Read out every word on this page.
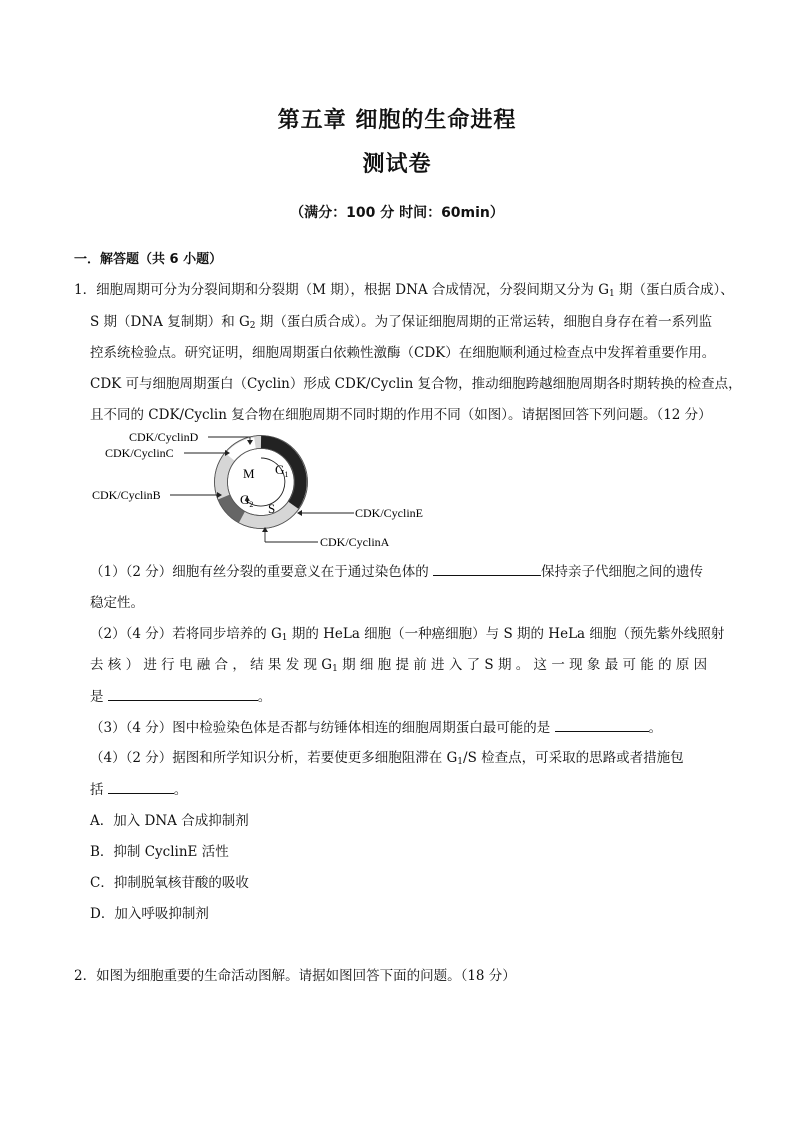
第五章 细胞的生命进程
测试卷
（满分：100 分 时间：60min）
一．解答题（共 6 小题）
1．细胞周期可分为分裂间期和分裂期（M 期），根据 DNA 合成情况，分裂间期又分为 $G_1$ 期（蛋白质合成）、
S 期（DNA 复制期）和 $G_2$ 期（蛋白质合成）。为了保证细胞周期的正常运转，细胞自身存在着一系列监
控系统检验点。研究证明，细胞周期蛋白依赖性激酶（CDK）在细胞顺利通过检查点中发挥着重要作用。
CDK 可与细胞周期蛋白（Cyclin）形成 CDK/Cyclin 复合物，推动细胞跨越细胞周期各时期转换的检查点，
且不同的 CDK/Cyclin 复合物在细胞周期不同时期的作用不同（如图）。请据图回答下列问题。（12 分）
M $G_1$
$G_2$ S
CDK/CyclinD
CDK/CyclinC
CDK/CyclinB
CDK/CyclinE
CDK/CyclinA
（1）（2 分）细胞有丝分裂的重要意义在于通过染色体的	保持亲子代细胞之间的遗传
稳定性。
（2）（4 分）若将同步培养的 $G_1$ 期的 HeLa 细胞（一种癌细胞）与 S 期的 HeLa 细胞（预先紫外线照射
去 核 ） 进 行 电 融 合 ， 结 果 发 现 $G_1$ 期 细 胞 提 前 进 入 了 S 期 。 这 一 现 象 最 可 能 的 原 因
是	。
（3）（4 分）图中检验染色体是否都与纺锤体相连的细胞周期蛋白最可能的是	。
（4）（2 分）据图和所学知识分析，若要使更多细胞阻滞在 $G_1/S$ 检查点，可采取的思路或者措施包
括	。
A．加入 DNA 合成抑制剂
B．抑制 CyclinE 活性
C．抑制脱氧核苷酸的吸收
D．加入呼吸抑制剂
2．如图为细胞重要的生命活动图解。请据如图回答下面的问题。（18 分）
